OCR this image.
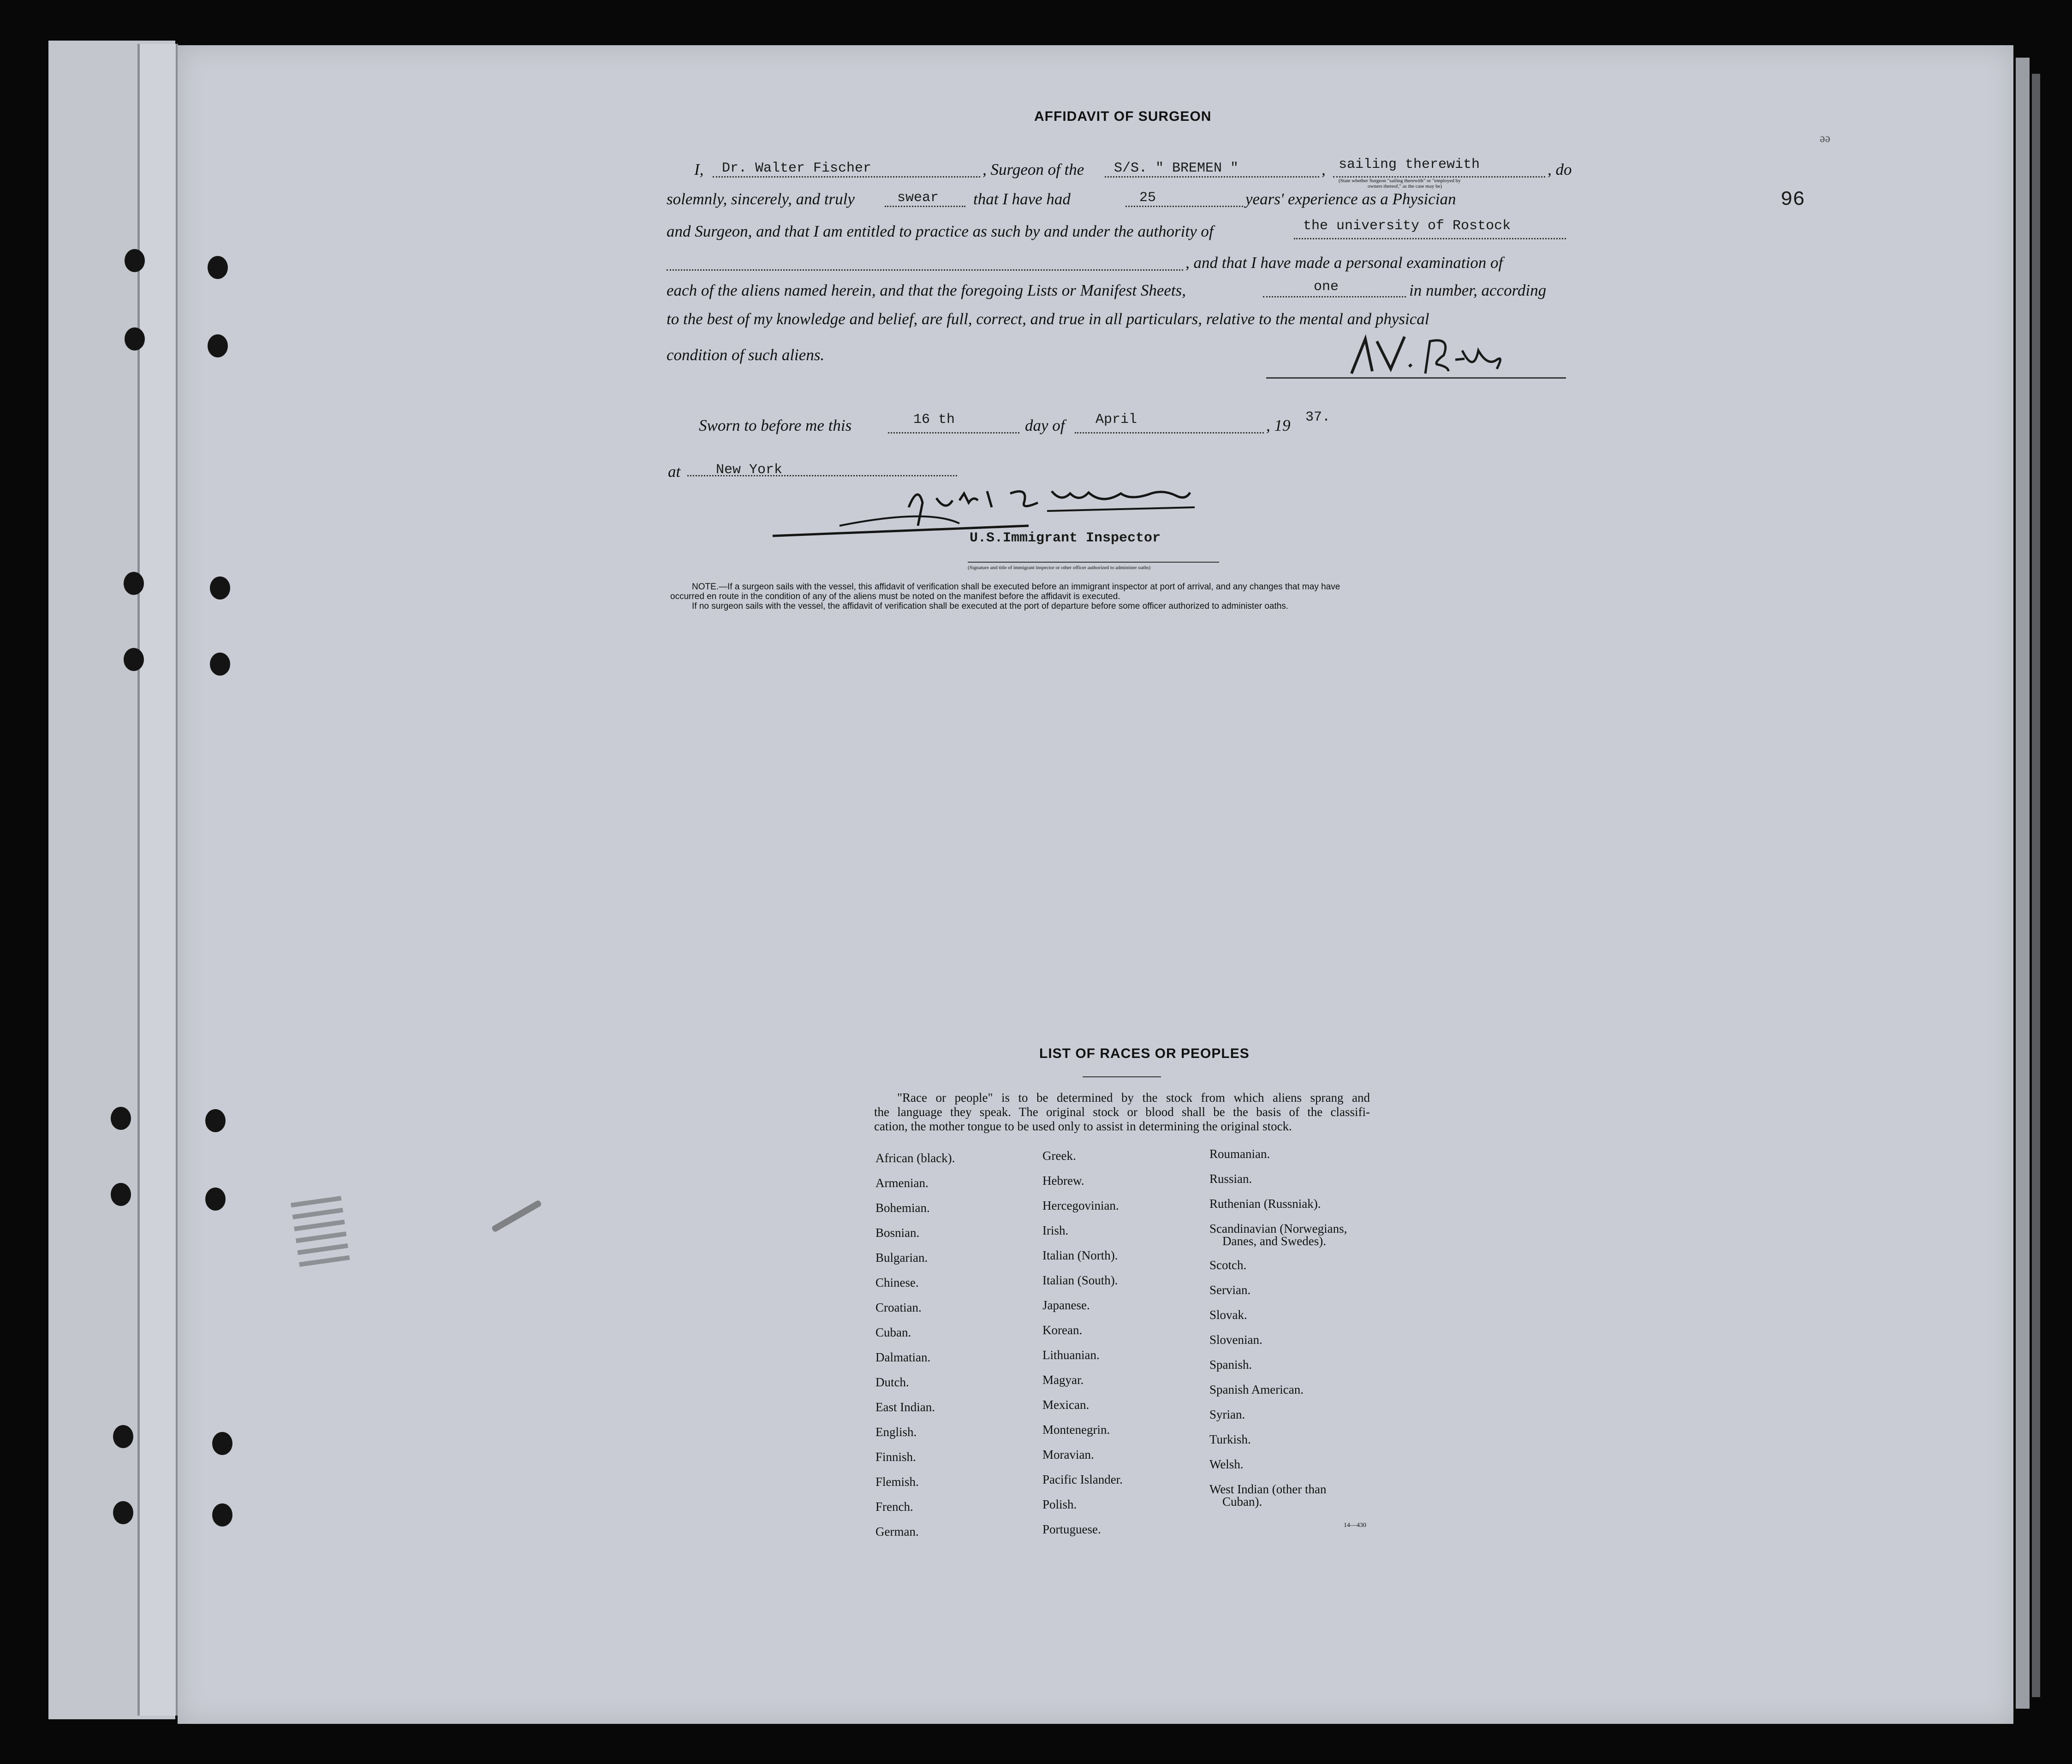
96
ǝǝ
AFFIDAVIT OF SURGEON
I, Dr. Walter Fischer	, Surgeon of the S/S. " BREMEN "	, sailing therewith
(State whether Surgeon "sailing therewith" or "employed by
owners thereof," as the case may be)
, do
solemnly, sincerely, and truly	swear that I have had	25	years' experience as a Physician
and Surgeon, and that I am entitled to practice as such by and under the authority of	the university of Rostock
, and that I have made a personal examination of
each of the aliens named herein, and that the foregoing Lists or Manifest Sheets,	one	in number, according
to the best of my knowledge and belief, are full, correct, and true in all particulars, relative to the mental and physical
condition of such aliens.
Sworn to before me this	16 th	day of April	, 19 37.
at	New York
U.S.Immigrant Inspector
(Signature and title of immigrant inspector or other officer authorized to administer oaths)
NOTE.—If a surgeon sails with the vessel, this affidavit of verification shall be executed before an immigrant inspector at port of arrival, and any changes that may have
occurred en route in the condition of any of the aliens must be noted on the manifest before the affidavit is executed.
If no surgeon sails with the vessel, the affidavit of verification shall be executed at the port of departure before some officer authorized to administer oaths.
LIST OF RACES OR PEOPLES
"Race or people" is to be determined by the stock from which aliens sprang and
the language they speak. The original stock or blood shall be the basis of the classifi-
cation, the mother tongue to be used only to assist in determining the original stock.
African (black).
Armenian.
Bohemian.
Bosnian.
Bulgarian.
Chinese.
Croatian.
Cuban.
Dalmatian.
Dutch.
East Indian.
English.
Finnish.
Flemish.
French.
German.
Greek.
Hebrew.
Hercegovinian.
Irish.
Italian (North).
Italian (South).
Japanese.
Korean.
Lithuanian.
Magyar.
Mexican.
Montenegrin.
Moravian.
Pacific Islander.
Polish.
Portuguese.
Roumanian.
Russian.
Ruthenian (Russniak).
Scandinavian (Norwegians,
Danes, and Swedes).
Scotch.
Servian.
Slovak.
Slovenian.
Spanish.
Spanish American.
Syrian.
Turkish.
Welsh.
West Indian (other than
Cuban).
14—430
